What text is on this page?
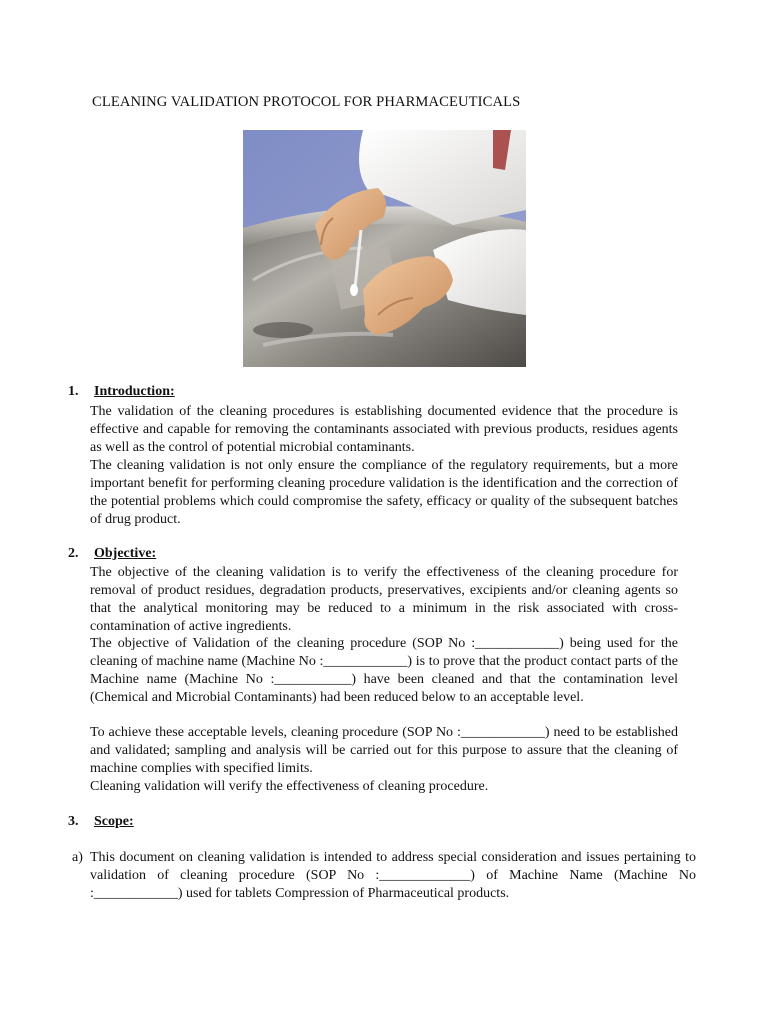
CLEANING VALIDATION PROTOCOL FOR PHARMACEUTICALS
1. Introduction:

The validation of the cleaning procedures is establishing documented evidence that the procedure is effective and capable for removing the contaminants associated with previous products, residues agents as well as the control of potential microbial contaminants.

The cleaning validation is not only ensure the compliance of the regulatory requirements, but a more important benefit for performing cleaning procedure validation is the identification and the correction of the potential problems which could compromise the safety, efficacy or quality of the subsequent batches of drug product.

2. Objective:

The objective of the cleaning validation is to verify the effectiveness of the cleaning procedure for removal of product residues, degradation products, preservatives, excipients and/or cleaning agents so that the analytical monitoring may be reduced to a minimum in the risk associated with cross-contamination of active ingredients.

The objective of Validation of the cleaning procedure (SOP No :____________) being used for the cleaning of machine name (Machine No :____________) is to prove that the product contact parts of the Machine name (Machine No :___________) have been cleaned and that the contamination level (Chemical and Microbial Contaminants) had been reduced below to an acceptable level.

To achieve these acceptable levels, cleaning procedure (SOP No :____________) need to be established and validated; sampling and analysis will be carried out for this purpose to assure that the cleaning of machine complies with specified limits.

Cleaning validation will verify the effectiveness of cleaning procedure.

3. Scope:

a) This document on cleaning validation is intended to address special consideration and issues pertaining to validation of cleaning procedure (SOP No :_____________) of Machine Name (Machine No :____________) used for tablets Compression of Pharmaceutical products.
